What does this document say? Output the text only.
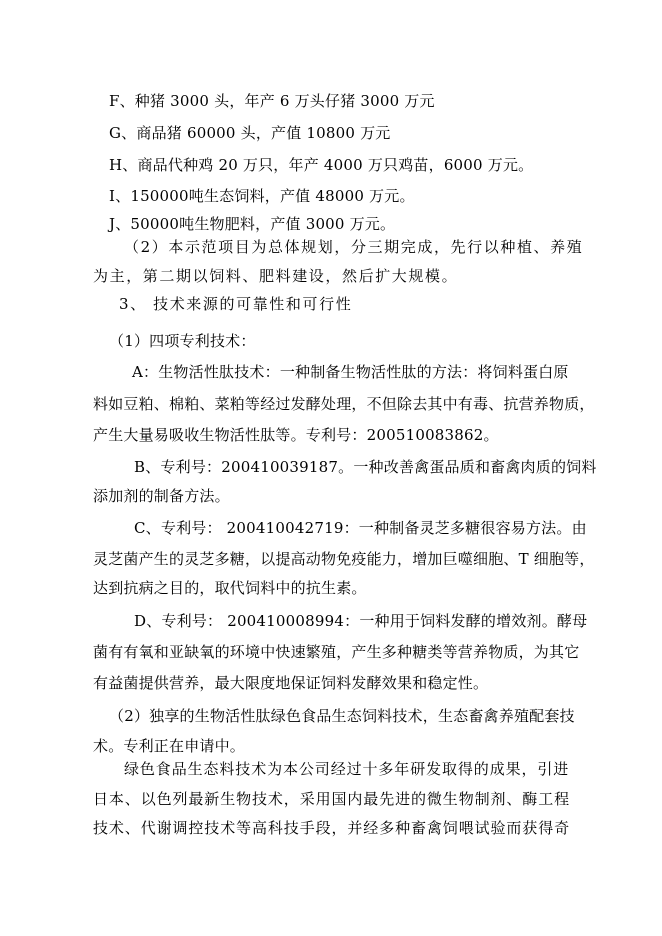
F、种猪 3000 头，年产 6 万头仔猪 3000 万元
G、商品猪 60000 头，产值 10800 万元
H、商品代种鸡 20 万只，年产 4000 万只鸡苗，6000 万元。
I、150000吨生态饲料，产值 48000 万元。
J、50000吨生物肥料，产值 3000 万元。
（2）本示范项目为总体规划，分三期完成，先行以种植、养殖
为主，第二期以饲料、肥料建设，然后扩大规模。
3、 技术来源的可靠性和可行性
（1）四项专利技术：
A：生物活性肽技术：一种制备生物活性肽的方法：将饲料蛋白原
料如豆粕、棉粕、菜粕等经过发酵处理，不但除去其中有毒、抗营养物质，
产生大量易吸收生物活性肽等。专利号：200510083862。
B、专利号：200410039187。一种改善禽蛋品质和畜禽肉质的饲料
添加剂的制备方法。
C、专利号： 200410042719：一种制备灵芝多糖很容易方法。由
灵芝菌产生的灵芝多糖，以提高动物免疫能力，增加巨噬细胞、T 细胞等，
达到抗病之目的，取代饲料中的抗生素。
D、专利号： 200410008994：一种用于饲料发酵的增效剂。酵母
菌有有氧和亚缺氧的环境中快速繁殖，产生多种糖类等营养物质，为其它
有益菌提供营养，最大限度地保证饲料发酵效果和稳定性。
（2）独享的生物活性肽绿色食品生态饲料技术，生态畜禽养殖配套技
术。专利正在申请中。
绿色食品生态料技术为本公司经过十多年研发取得的成果，引进
日本、以色列最新生物技术，采用国内最先进的微生物制剂、酶工程
技术、代谢调控技术等高科技手段，并经多种畜禽饲喂试验而获得奇
